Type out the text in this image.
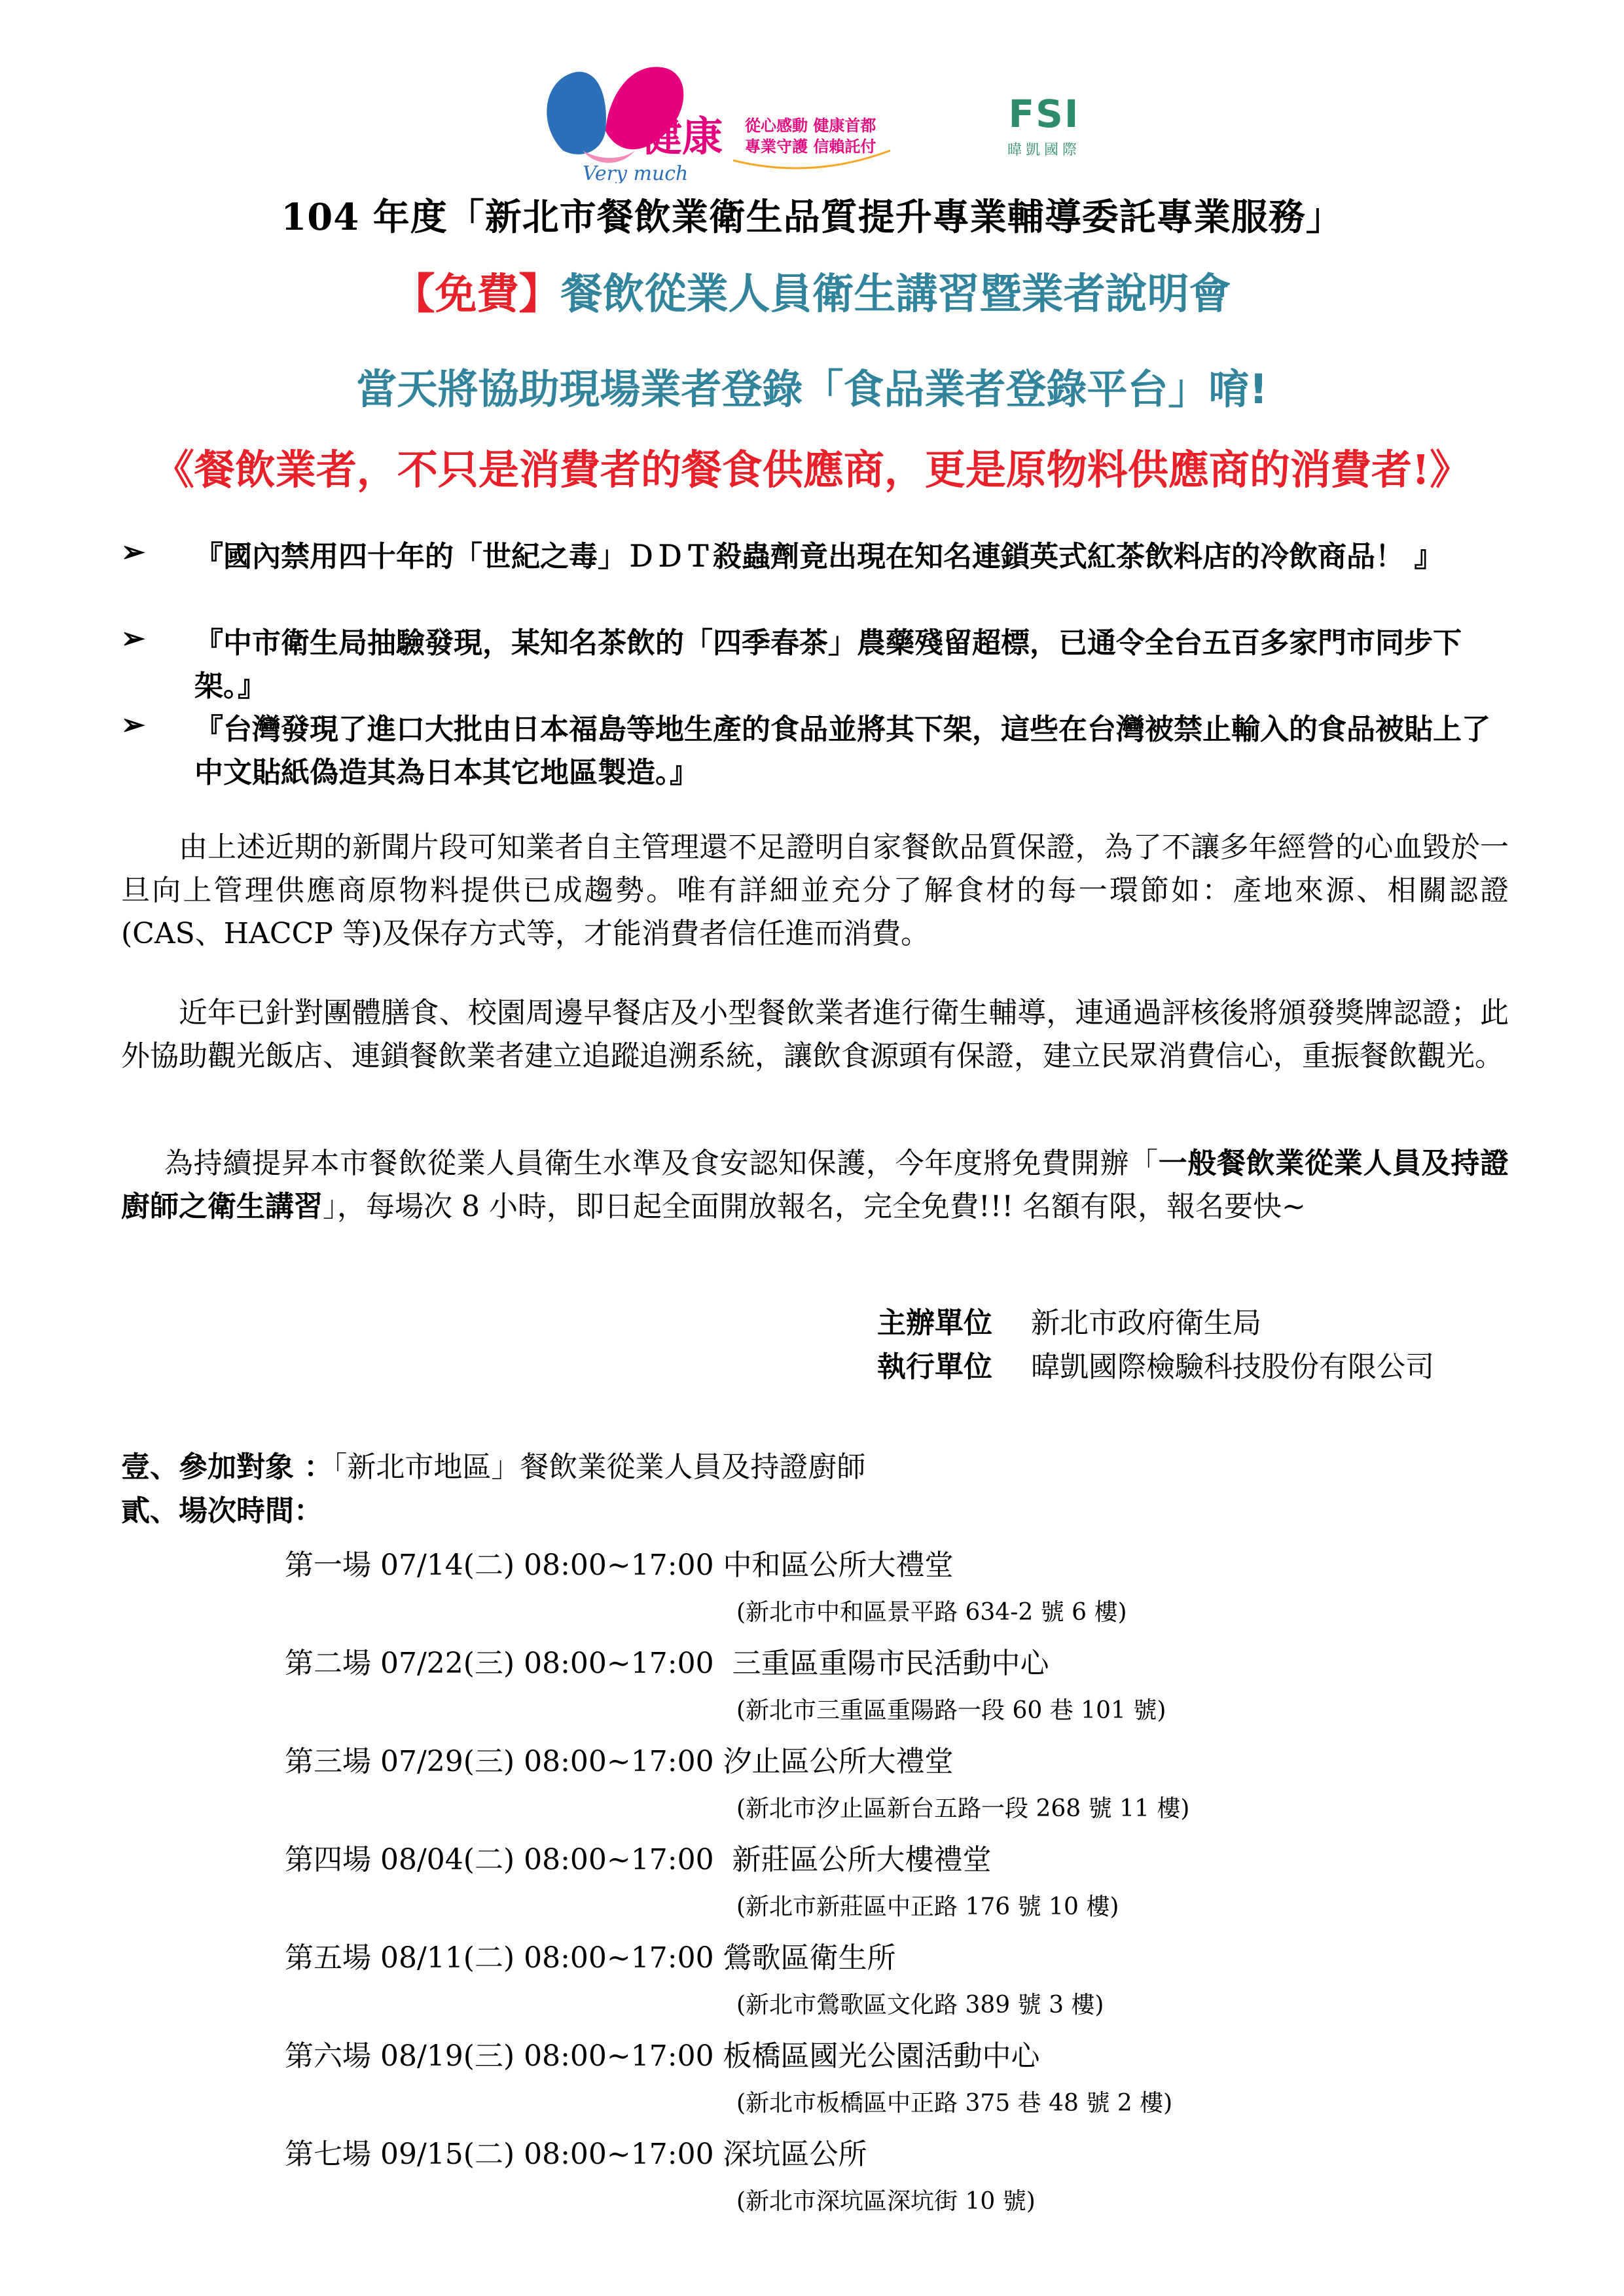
健康
Very much
從心感動 健康首都
專業守護 信賴託付
FSI
暐凱國際
104 年度「新北市餐飲業衛生品質提升專業輔導委託專業服務」
【免費】餐飲從業人員衛生講習暨業者說明會
當天將協助現場業者登錄「食品業者登錄平台」唷!
《餐飲業者，不只是消費者的餐食供應商，更是原物料供應商的消費者!》
➢ 『國內禁用四十年的「世紀之毒」ＤＤＴ殺蟲劑竟出現在知名連鎖英式紅茶飲料店的冷飲商品！ 』
➢ 『中市衛生局抽驗發現，某知名茶飲的「四季春茶」農藥殘留超標，已通令全台五百多家門市同步下架。』
➢ 『台灣發現了進口大批由日本福島等地生產的食品並將其下架，這些在台灣被禁止輸入的食品被貼上了中文貼紙偽造其為日本其它地區製造。』
由上述近期的新聞片段可知業者自主管理還不足證明自家餐飲品質保證，為了不讓多年經營的心血毀於一旦向上管理供應商原物料提供已成趨勢。唯有詳細並充分了解食材的每一環節如：產地來源、相關認證(CAS、HACCP 等)及保存方式等，才能消費者信任進而消費。
近年已針對團體膳食、校園周邊早餐店及小型餐飲業者進行衛生輔導，連通過評核後將頒發獎牌認證；此外協助觀光飯店、連鎖餐飲業者建立追蹤追溯系統，讓飲食源頭有保證，建立民眾消費信心，重振餐飲觀光。
為持續提昇本市餐飲從業人員衛生水準及食安認知保護，今年度將免費開辦「一般餐飲業從業人員及持證廚師之衛生講習」，每場次 8 小時，即日起全面開放報名，完全免費!!! 名額有限，報名要快~
主辦單位 新北市政府衛生局
執行單位 暐凱國際檢驗科技股份有限公司
壹、參加對象 ：「新北市地區」餐飲業從業人員及持證廚師
貳、場次時間：
第一場 07/14(二) 08:00~17:00 中和區公所大禮堂
(新北市中和區景平路 634-2 號 6 樓)
第二場 07/22(三) 08:00~17:00  三重區重陽市民活動中心
(新北市三重區重陽路一段 60 巷 101 號)
第三場 07/29(三) 08:00~17:00 汐止區公所大禮堂
(新北市汐止區新台五路一段 268 號 11 樓)
第四場 08/04(二) 08:00~17:00  新莊區公所大樓禮堂
(新北市新莊區中正路 176 號 10 樓)
第五場 08/11(二) 08:00~17:00 鶯歌區衛生所
(新北市鶯歌區文化路 389 號 3 樓)
第六場 08/19(三) 08:00~17:00 板橋區國光公園活動中心
(新北市板橋區中正路 375 巷 48 號 2 樓)
第七場 09/15(二) 08:00~17:00 深坑區公所
(新北市深坑區深坑街 10 號)
